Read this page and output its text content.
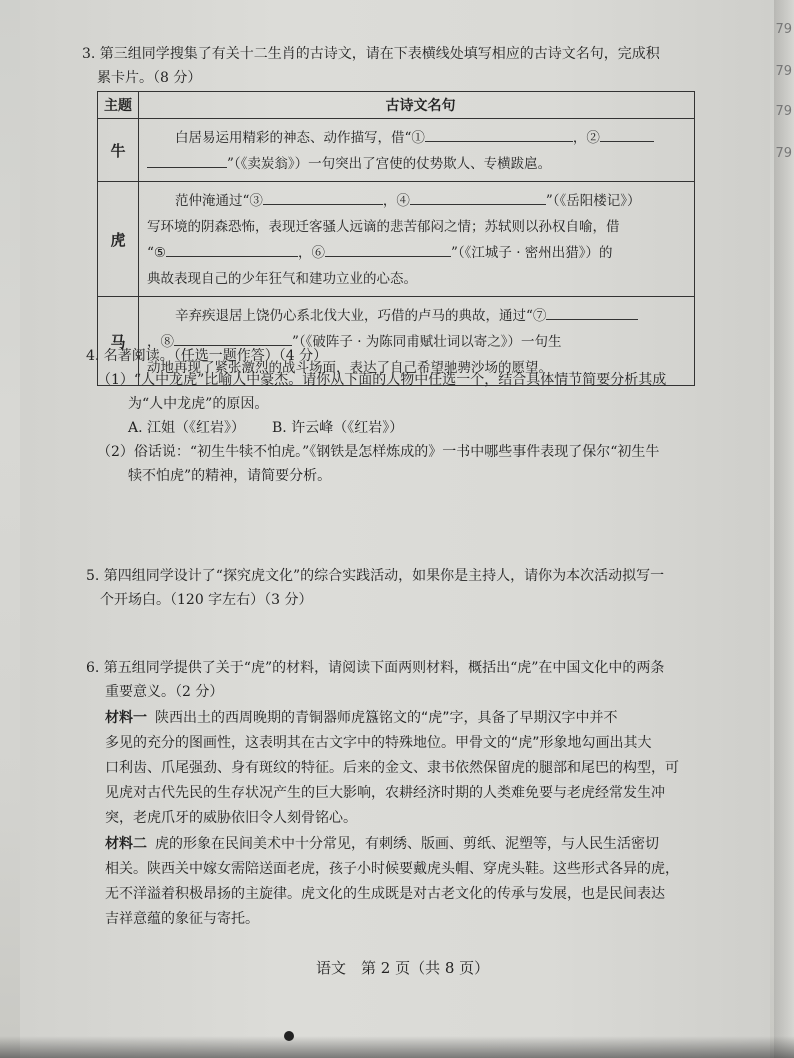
79
79
79
79
3. 第三组同学搜集了有关十二生肖的古诗文，请在下表横线处填写相应的古诗文名句，完成积
累卡片。（8 分）
主题	古诗文名句
牛	白居易运用精彩的神态、动作描写，借“① ，②
”（《卖炭翁》）一句突出了宫使的仗势欺人、专横跋扈。

虎	范仲淹通过“③ ，④ ”（《岳阳楼记》）
写环境的阴森恐怖，表现迁客骚人远谪的悲苦郁闷之情；苏轼则以孙权自喻，借
“⑤ ，⑥ ”（《江城子 · 密州出猎》）的
典故表现自己的少年狂气和建功立业的心态。

马	辛弃疾退居上饶仍心系北伐大业，巧借的卢马的典故，通过“⑦
，⑧ ”（《破阵子 · 为陈同甫赋壮词以寄之》）一句生
动地再现了紧张激烈的战斗场面，表达了自己希望驰骋沙场的愿望。
4. 名著阅读。（任选一题作答）（4 分）
（1）“人中龙虎”比喻人中豪杰。请你从下面的人物中任选一个，结合具体情节简要分析其成
为“人中龙虎”的原因。
A. 江姐（《红岩》） B. 许云峰（《红岩》）
（2）俗话说：“初生牛犊不怕虎。”《钢铁是怎样炼成的》一书中哪些事件表现了保尔“初生牛
犊不怕虎”的精神，请简要分析。
5. 第四组同学设计了“探究虎文化”的综合实践活动，如果你是主持人，请你为本次活动拟写一
个开场白。（120 字左右）（3 分）
6. 第五组同学提供了关于“虎”的材料，请阅读下面两则材料，概括出“虎”在中国文化中的两条
重要意义。（2 分）
材料一 陕西出土的西周晚期的青铜器师虎簋铭文的“虎”字，具备了早期汉字中并不
多见的充分的图画性，这表明其在古文字中的特殊地位。甲骨文的“虎”形象地勾画出其大
口利齿、爪尾强劲、身有斑纹的特征。后来的金文、隶书依然保留虎的腿部和尾巴的构型，可
见虎对古代先民的生存状况产生的巨大影响，农耕经济时期的人类难免要与老虎经常发生冲
突，老虎爪牙的威胁依旧令人刻骨铭心。
材料二 虎的形象在民间美术中十分常见，有刺绣、版画、剪纸、泥塑等，与人民生活密切
相关。陕西关中嫁女需陪送面老虎，孩子小时候要戴虎头帽、穿虎头鞋。这些形式各异的虎，
无不洋溢着积极昂扬的主旋律。虎文化的生成既是对古老文化的传承与发展，也是民间表达
吉祥意蕴的象征与寄托。
语文　第 2 页（共 8 页）
